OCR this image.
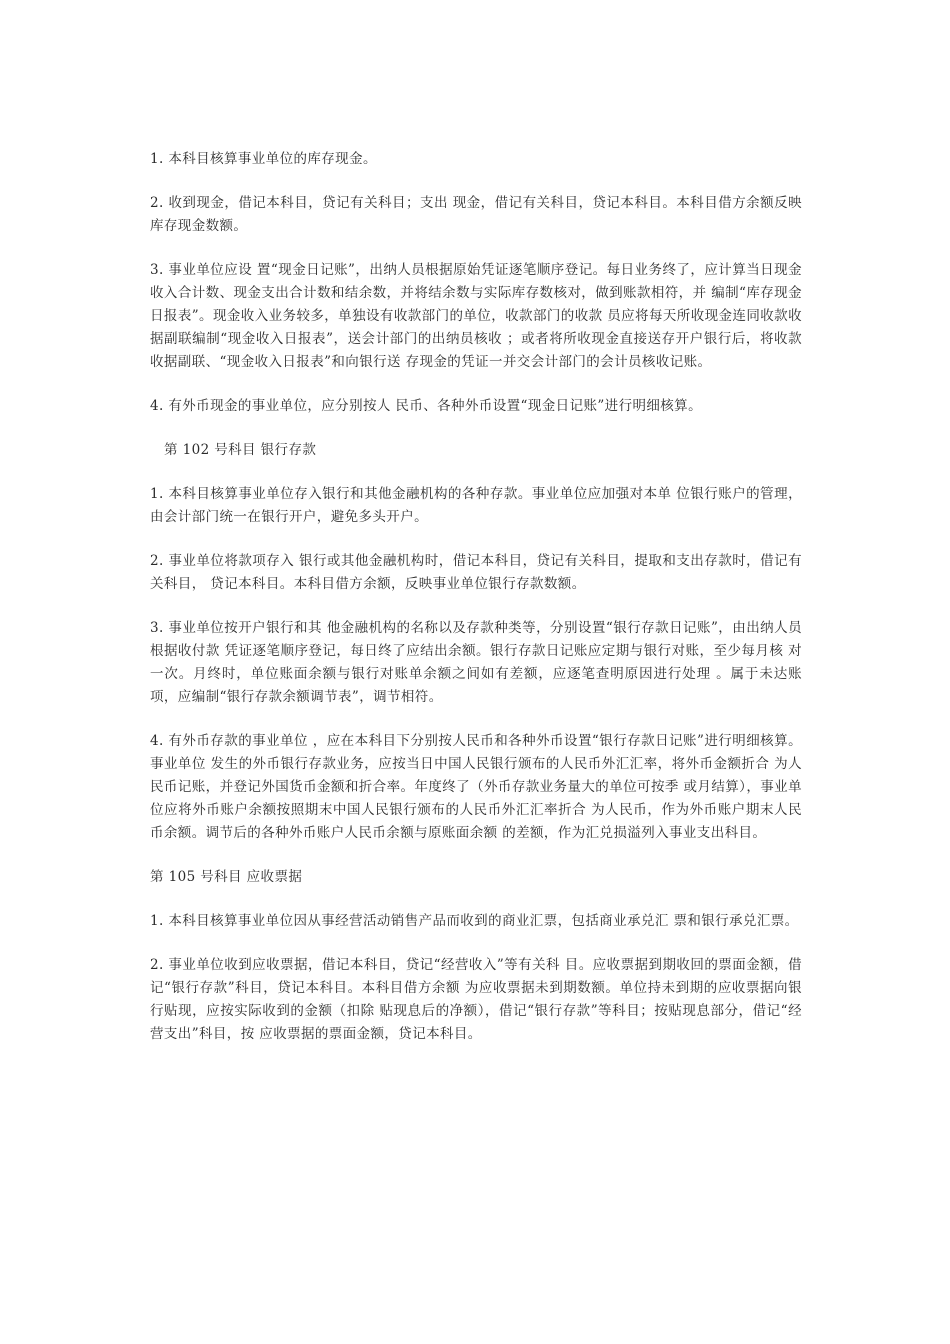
1. 本科目核算事业单位的库存现金。

2. 收到现金，借记本科目，贷记有关科目；支出 现金，借记有关科目，贷记本科目。本科目借方余额反映库存现金数额。

3. 事业单位应设 置“现金日记账”，出纳人员根据原始凭证逐笔顺序登记。每日业务终了，应计算当日现金 收入合计数、现金支出合计数和结余数，并将结余数与实际库存数核对，做到账款相符，并 编制“库存现金日报表”。现金收入业务较多，单独设有收款部门的单位，收款部门的收款 员应将每天所收现金连同收款收据副联编制“现金收入日报表”，送会计部门的出纳员核收 ；或者将所收现金直接送存开户银行后，将收款收据副联、“现金收入日报表”和向银行送 存现金的凭证一并交会计部门的会计员核收记账。

4. 有外币现金的事业单位，应分别按人 民币、各种外币设置“现金日记账”进行明细核算。

第 102 号科目 银行存款

1. 本科目核算事业单位存入银行和其他金融机构的各种存款。事业单位应加强对本单 位银行账户的管理，由会计部门统一在银行开户，避免多头开户。

2. 事业单位将款项存入 银行或其他金融机构时，借记本科目，贷记有关科目，提取和支出存款时，借记有关科目， 贷记本科目。本科目借方余额，反映事业单位银行存款数额。

3. 事业单位按开户银行和其 他金融机构的名称以及存款种类等，分别设置“银行存款日记账”，由出纳人员根据收付款 凭证逐笔顺序登记，每日终了应结出余额。银行存款日记账应定期与银行对账，至少每月核 对一次。月终时，单位账面余额与银行对账单余额之间如有差额，应逐笔查明原因进行处理 。属于未达账项，应编制“银行存款余额调节表”，调节相符。

4. 有外币存款的事业单位 ，应在本科目下分别按人民币和各种外币设置“银行存款日记账”进行明细核算。事业单位 发生的外币银行存款业务，应按当日中国人民银行颁布的人民币外汇汇率，将外币金额折合 为人民币记账，并登记外国货币金额和折合率。年度终了（外币存款业务量大的单位可按季 或月结算），事业单位应将外币账户余额按照期末中国人民银行颁布的人民币外汇汇率折合 为人民币，作为外币账户期末人民币余额。调节后的各种外币账户人民币余额与原账面余额 的差额，作为汇兑损溢列入事业支出科目。

第 105 号科目 应收票据

1. 本科目核算事业单位因从事经营活动销售产品而收到的商业汇票，包括商业承兑汇 票和银行承兑汇票。

2. 事业单位收到应收票据，借记本科目，贷记“经营收入”等有关科 目。应收票据到期收回的票面金额，借记“银行存款”科目，贷记本科目。本科目借方余额 为应收票据未到期数额。单位持未到期的应收票据向银行贴现，应按实际收到的金额（扣除 贴现息后的净额），借记“银行存款”等科目；按贴现息部分，借记“经营支出”科目，按 应收票据的票面金额，贷记本科目。
